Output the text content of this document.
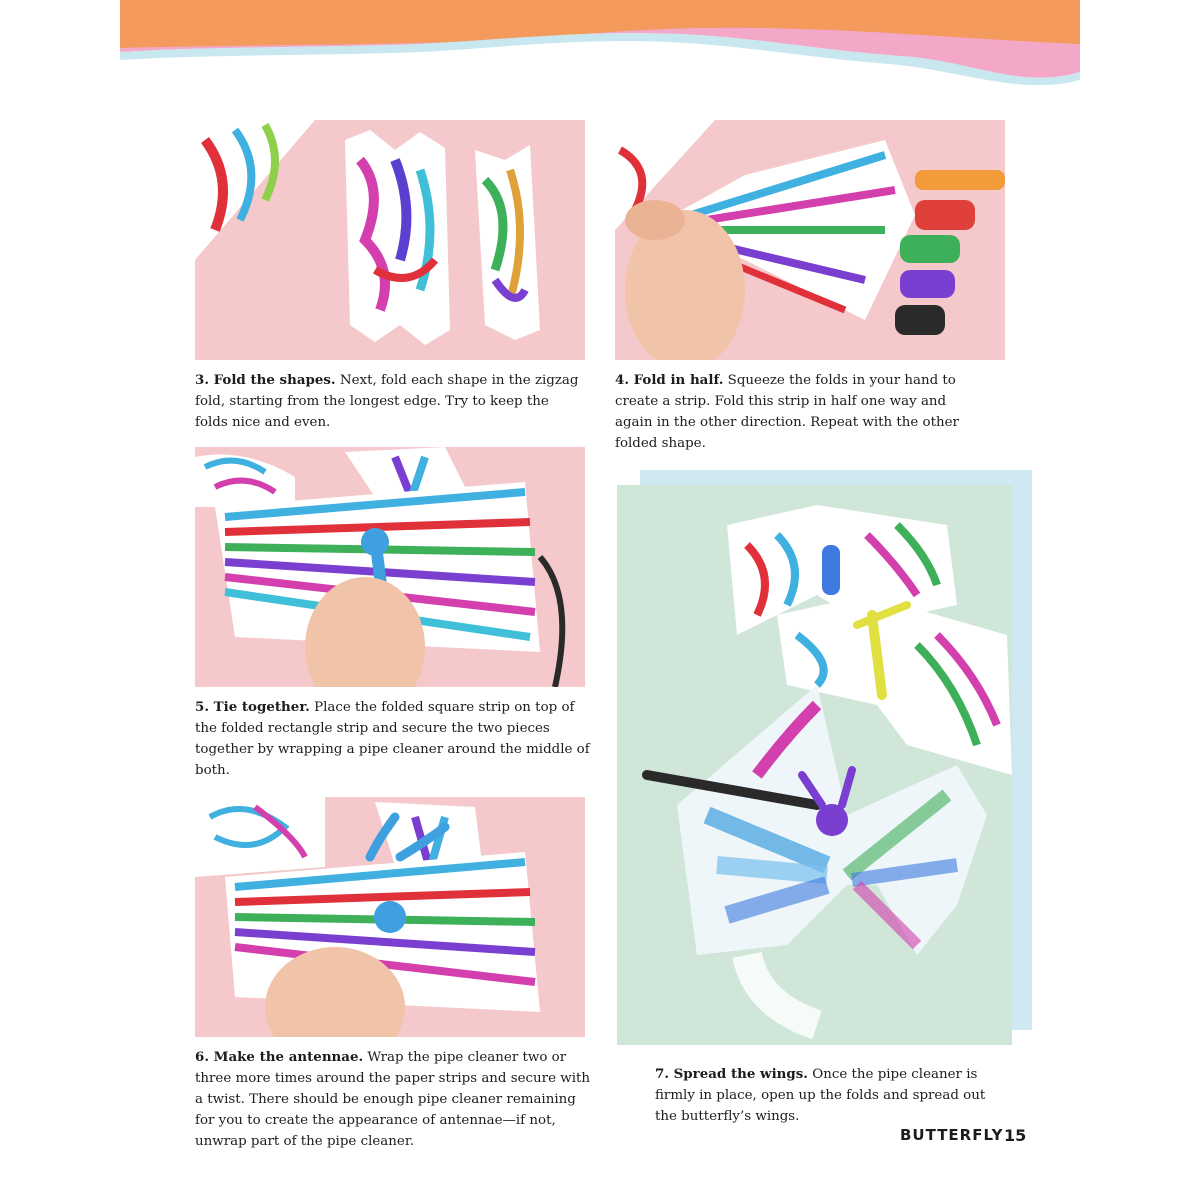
3. Fold the shapes. Next, fold each shape in the zigzag fold, starting from the longest edge. Try to keep the folds nice and even.
4. Fold in half. Squeeze the folds in your hand to create a strip. Fold this strip in half one way and again in the other direction. Repeat with the other folded shape.
5. Tie together. Place the folded square strip on top of the folded rectangle strip and secure the two pieces together by wrapping a pipe cleaner around the middle of both.
6. Make the antennae. Wrap the pipe cleaner two or three more times around the paper strips and secure with a twist. There should be enough pipe cleaner remaining for you to create the appearance of antennae—if not, unwrap part of the pipe cleaner.
7. Spread the wings. Once the pipe cleaner is firmly in place, open up the folds and spread out the butterfly’s wings.
BUTTERFLY 15
